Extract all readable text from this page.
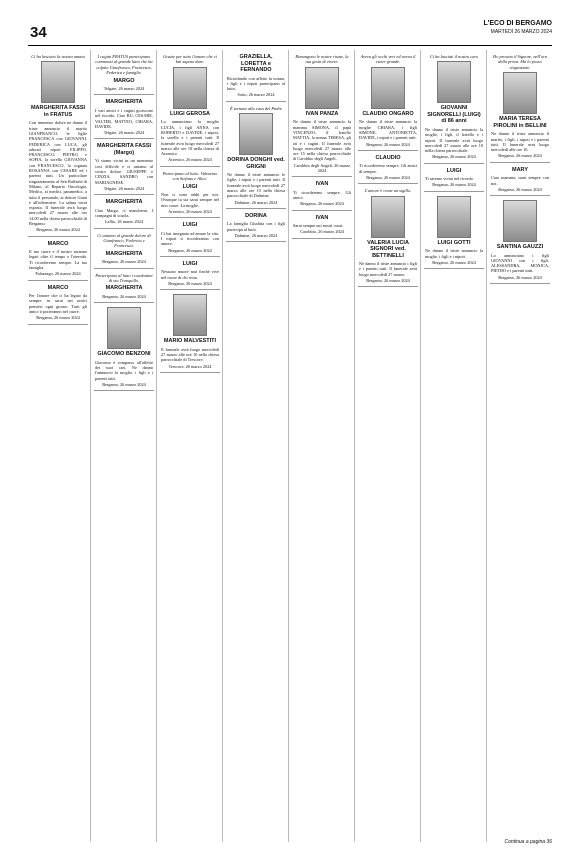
34
L'ECO DI BERGAMO
MARTEDÌ 26 MARZO 2024
Ci ha lasciato la nostra amata
MARGHERITA FASSI in FRATUS
Con immenso dolore ne danno il triste annuncio il marito GIANFRANCO, le figlie FRANCESCA con GIOVANNI, FEDERICA con LUCA, gli adorati nipoti FILIPPO, FRANCESCO, PIETRO e SOFIA, la sorella GIOVANNA con FRANCESCO, la cognata ROSANNA con CESARE ed i parenti tutti. Un particolare ringraziamento al Sen Raffaele di Milano, al Reparto Oncologia, Medico, ai medici, paramedici, a tutto il personale, ai dottori Giani e all'infermiere. La salma verrà esposta. Il funerale avrà luogo mercoledì 27 marzo alle ore 14.00 nella chiesa parrocchiale di Bergamo.
Bergamo, 26 marzo 2024
MARCO
Il tuo cuore e il nostro saranno legati oltre il tempo e l'eternità. Ti ricorderemo sempre. La tua famiglia.
Palazzago, 26 marzo 2024
MARCO
Per l'amore che ci ha legato da sempre, tu sarai nei nostri pensieri ogni giorno. Tutti gli amici ti porteranno nel cuore.
Bergamo, 26 marzo 2024
I cugini FRATUS partecipano commossi al grande lutto che ha colpito Gianfranco, Francesca, Federica e famiglie.
MARGO
Telgate, 26 marzo 2024
MARGHERITA
I vari amici e i cugini gioiscono nel ricordo. Ciao BU, CESARE, VALTER, MATTEO, CHIARA, DAVIDE.
Telgate, 26 marzo 2024
MARGHERITA FASSI (Margo)
Vi siamo vicini in un momento così difficile e ci uniamo al vostro dolore. GIUSEPPE e CINZIA, SANDRO con MARIAGNESE.
Telgate, 26 marzo 2024
MARGHERITA
Ciao Margo, ci mancherai. I compagni di scuola.
Lallio, 26 marzo 2024
Ci uniamo al grande dolore di Gianfranco, Federica e Francesca.
MARGHERITA
Bergamo, 26 marzo 2024
Partecipano al lutto i condomini di via Tranquillo.
MARGHERITA
Bergamo, 26 marzo 2024
GIACOMO BENZONI
Giacomo è comparso all'affetto dei suoi cari. Ne danno l'annuncio la moglie, i figli e i parenti tutti.
Bergamo, 26 marzo 2024
Grazie per tutto l'amore che ci hai saputo dare.
LUIGI GEROSA
Lo annunciano la moglie LUCIA, i figli ANNA con ROBERTO e DAVIDE, i nipoti, la sorella e i parenti tutti. Il funerale avrà luogo mercoledì 27 marzo alle ore 10 nella chiesa di Arzenico.
Arzenico, 26 marzo 2024
Partecipano al lutto: Valentino con Stefano e Alice.
LUIGI
Non ci sono addii per noi. Ovunque tu sia sarai sempre nel mio cuore. La moglie.
Arzenico, 26 marzo 2024
LUIGI
Ci hai insegnato ad amare la vita. I nipoti ti ricorderanno con amore.
Bergamo, 26 marzo 2024
LUIGI
Nessuno muore mai finché vive nel cuore di chi resta.
Bergamo, 26 marzo 2024
MARIO MALVESTITI
Il funerale avrà luogo mercoledì 27 marzo alle ore 10 nella chiesa parrocchiale di Trescore.
Trescore, 26 marzo 2024
GRAZIELLA, LORETTA e FERNANDO
Ricordando con affetto la nonna, i figli e i nipoti partecipano al lutto.
Sotto, 26 marzo 2024
È tornata alla casa del Padre
DORINA DONGHI ved. GRIGNI
Ne danno il triste annuncio le figlie, i nipoti e i parenti tutti. Il funerale avrà luogo mercoledì 27 marzo alle ore 15 nella chiesa parrocchiale di Dalmine.
Dalmine, 26 marzo 2024
DORINA
La famiglia Giuditta con i figli partecipa al lutto.
Dalmine, 26 marzo 2024
Rimangono le nostre risate, la tua gioia di vivere.
IVAN PANZA
Ne danno il triste annuncio la mamma SIMONA, il papà VINCENZO, il fratello MATTIA, la nonna TERESA, gli zii e i cugini. Il funerale avrà luogo mercoledì 27 marzo alle ore 15 nella chiesa parrocchiale di Carobbio degli Angeli.
Carobbio degli Angeli, 26 marzo 2024
IVAN
Ti ricorderemo sempre. Gli amici.
Bergamo, 26 marzo 2024
IVAN
Sarai sempre nei nostri cuori.
Carobbio, 26 marzo 2024
Aveva gli occhi veri ed aveva il cuore grande.
CLAUDIO ONGARO
Ne danno il triste annuncio la moglie CHIARA, i figli SIMONE, ANTONIETTA, DAVIDE, i nipoti e i parenti tutti.
Bergamo, 26 marzo 2024
CLAUDIO
Ti ricorderemo sempre. Gli amici di sempre.
Bergamo, 26 marzo 2024
L'amore è come un sigillo.
VALERIA LUCIA SIGNORI ved. BETTINELLI
Ne danno il triste annuncio i figli e i parenti tutti. Il funerale avrà luogo mercoledì 27 marzo.
Bergamo, 26 marzo 2024
Ci ha lasciati il nostro caro
GIOVANNI SIGNORELLI (LUIGI) di 86 anni
Ne danno il triste annuncio la moglie, i figli, il fratello e i nipoti. Il funerale avrà luogo mercoledì 27 marzo alle ore 10 nella chiesa parrocchiale.
Bergamo, 26 marzo 2024
LUIGI
Ti saremo vicini nel ricordo.
Bergamo, 26 marzo 2024
LUIGI GOTTI
Ne danno il triste annuncio la moglie, i figli e i nipoti.
Bergamo, 26 marzo 2024
Ho provato il Signore, nell'ora della prova. Ma lo posso ringraziare.
MARIA TERESA PIROLINI in BELLINI
Ne danno il triste annuncio il marito, i figli, i nipoti e i parenti tutti. Il funerale avrà luogo mercoledì alle ore 10.
Bergamo, 26 marzo 2024
MARY
Ciao mamma, sarai sempre con noi.
Bergamo, 26 marzo 2024
SANTINA GAUZZI
Lo annunciano i figli GIOVANNI con i figli, ALESSANDRA, MONICA, PIETRO e i parenti tutti.
Bergamo, 26 marzo 2024
Continua a pagina 36
